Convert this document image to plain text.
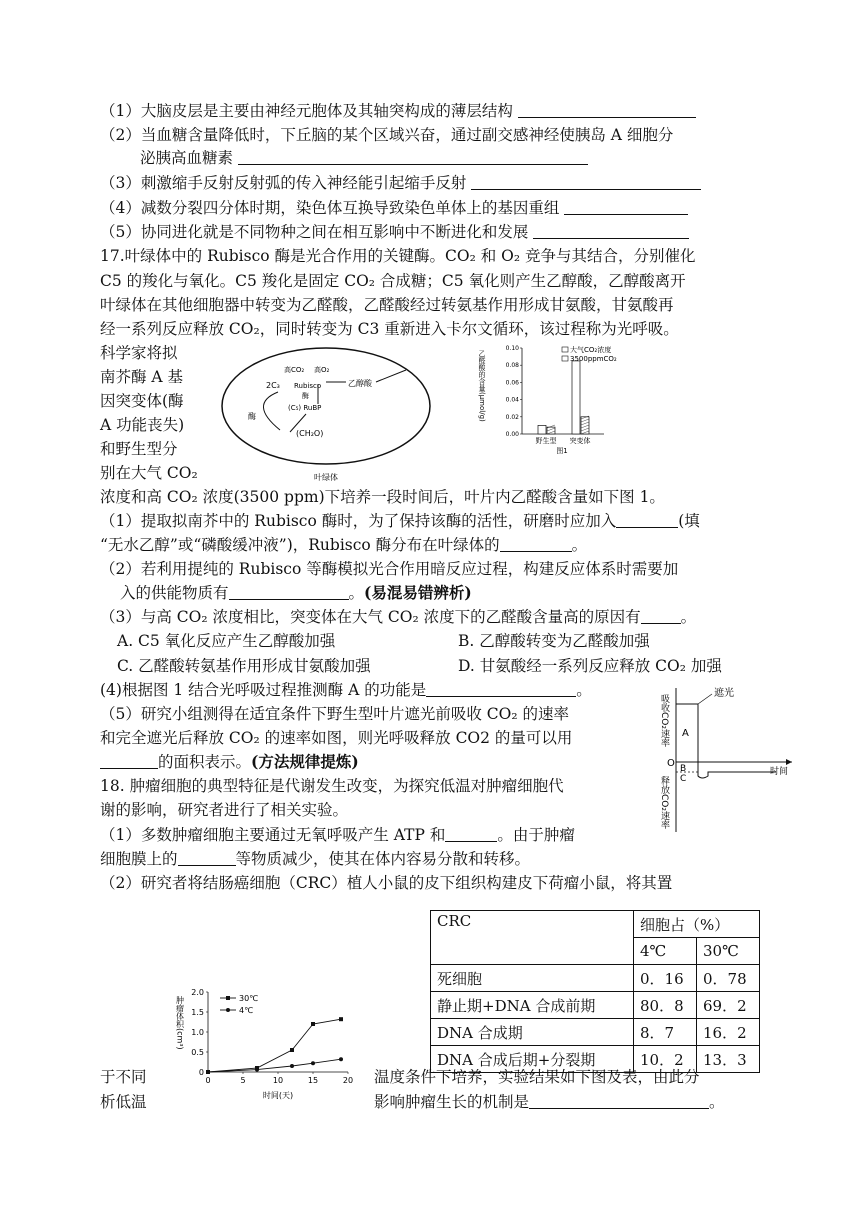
（1）大脑皮层是主要由神经元胞体及其轴突构成的薄层结构
（2）当血糖含量降低时，下丘脑的某个区域兴奋，通过副交感神经使胰岛 A 细胞分
泌胰高血糖素
（3）刺激缩手反射反射弧的传入神经能引起缩手反射
（4）减数分裂四分体时期，染色体互换导致染色单体上的基因重组
（5）协同进化就是不同物种之间在相互影响中不断进化和发展
17.叶绿体中的 Rubisco 酶是光合作用的关键酶。CO₂ 和 O₂ 竞争与其结合，分别催化
C5 的羧化与氧化。C5 羧化是固定 CO₂ 合成糖；C5 氧化则产生乙醇酸，乙醇酸离开
叶绿体在其他细胞器中转变为乙醛酸，乙醛酸经过转氨基作用形成甘氨酸，甘氨酸再
经一系列反应释放 CO₂，同时转变为 C3 重新进入卡尔文循环，该过程称为光呼吸。
科学家将拟
南芥酶 A 基
因突变体(酶
A 功能丧失)
和野生型分
别在大气 CO₂
2C₃
高CO₂ 高O₂
Rubisco
酶
乙醇酸
酶
(C₅) RuBP
(CH₂O)
叶绿体
0.00
0.02
0.04
0.06
0.08
0.10
野生型 突变体
图1
乙醛酸的含量(μmol/g)	大气CO₂浓度
3500ppmCO₂
浓度和高 CO₂ 浓度(3500 ppm)下培养一段时间后，叶片内乙醛酸含量如下图 1。
（1）提取拟南芥中的 Rubisco 酶时，为了保持该酶的活性，研磨时应加入	(填
“无水乙醇”或“磷酸缓冲液”)，Rubisco 酶分布在叶绿体的	。
（2）若利用提纯的 Rubisco 等酶模拟光合作用暗反应过程，构建反应体系时需要加
入的供能物质有	。(易混易错辨析)
（3）与高 CO₂ 浓度相比，突变体在大气 CO₂ 浓度下的乙醛酸含量高的原因有	。
A. C5 氧化反应产生乙醇酸加强	B. 乙醇酸转变为乙醛酸加强
C. 乙醛酸转氨基作用形成甘氨酸加强	D. 甘氨酸经一系列反应释放 CO₂ 加强
(4)根据图 1 结合光呼吸过程推测酶 A 的功能是	。
（5）研究小组测得在适宜条件下野生型叶片遮光前吸收 CO₂ 的速率
和完全遮光后释放 CO₂ 的速率如图，则光呼吸释放 CO2 的量可以用
的面积表示。(方法规律提炼)
遮光
A
B
C
O
时间
吸收CO₂速率
释放CO₂速率
18. 肿瘤细胞的典型特征是代谢发生改变，为探究低温对肿瘤细胞代
谢的影响，研究者进行了相关实验。
（1）多数肿瘤细胞主要通过无氧呼吸产生 ATP 和	。由于肿瘤
细胞膜上的	等物质减少，使其在体内容易分散和转移。
（2）研究者将结肠癌细胞（CRC）植人小鼠的皮下组织构建皮下荷瘤小鼠，将其置
CRC	细胞占（%）	
	4℃	30℃
死细胞	0．16	0．78
静止期+DNA 合成前期	80．8	69．2
DNA 合成期	8．7	16．2
DNA 合成后期+分裂期	10．2	13．3
0
0.5
1.0
1.5
2.0
0	5	10	15	20
时间(天)
肿瘤体积(cm³)	30℃
4℃
于不同
析低温
温度条件下培养，实验结果如下图及表，由此分
影响肿瘤生长的机制是	。
